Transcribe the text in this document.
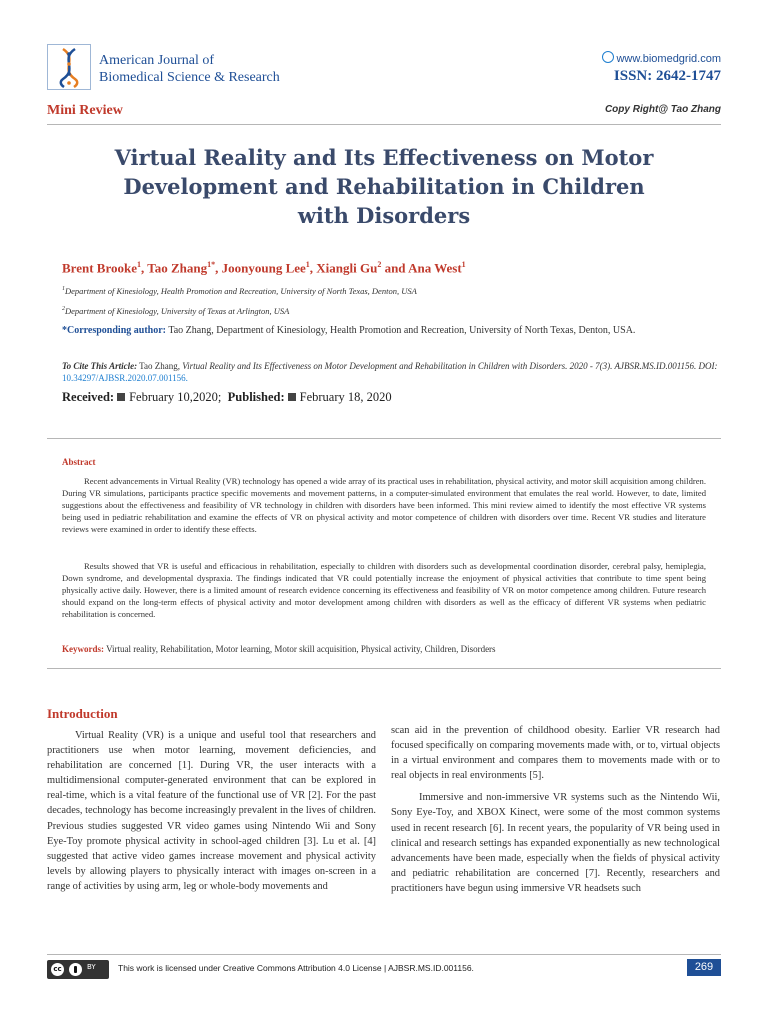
American Journal of
Biomedical Science & Research
www.biomedgrid.com
ISSN: 2642-1747
Mini Review	Copy Right@ Tao Zhang
Virtual Reality and Its Effectiveness on Motor
Development and Rehabilitation in Children
with Disorders
Brent Brooke$^1$, Tao Zhang$^{1*}$, Joonyoung Lee$^1$, Xiangli Gu$^2$ and Ana West$^1$
$^1$Department of Kinesiology, Health Promotion and Recreation, University of North Texas, Denton, USA
$^2$Department of Kinesiology, University of Texas at Arlington, USA
*Corresponding author: Tao Zhang, Department of Kinesiology, Health Promotion and Recreation, University of North Texas, Denton, USA.
To Cite This Article: Tao Zhang, Virtual Reality and Its Effectiveness on Motor Development and Rehabilitation in Children with Disorders. 2020 - 7(3). AJBSR.MS.ID.001156. DOI: 10.34297/AJBSR.2020.07.001156.
Received: February 10,2020; Published: February 18, 2020
Abstract
Recent advancements in Virtual Reality (VR) technology has opened a wide array of its practical uses in rehabilitation, physical activity, and motor skill acquisition among children. During VR simulations, participants practice specific movements and movement patterns, in a computer-simulated environment that emulates the real world. However, to date, limited suggestions about the effectiveness and feasibility of VR technology in children with disorders have been informed. This mini review aimed to identify the most effective VR systems being used in pediatric rehabilitation and examine the effects of VR on physical activity and motor competence of children with disorders over time. Recent VR studies and literature reviews were examined in order to identify these effects.
Results showed that VR is useful and efficacious in rehabilitation, especially to children with disorders such as developmental coordination disorder, cerebral palsy, hemiplegia, Down syndrome, and developmental dyspraxia. The findings indicated that VR could potentially increase the enjoyment of physical activities that contribute to time spent being physically active daily. However, there is a limited amount of research evidence concerning its effectiveness and feasibility of VR on motor competence among children. Future research should expand on the long-term effects of physical activity and motor development among children with disorders as well as the efficacy of different VR systems when pediatric rehabilitation is concerned.
Keywords: Virtual reality, Rehabilitation, Motor learning, Motor skill acquisition, Physical activity, Children, Disorders
Introduction

Virtual Reality (VR) is a unique and useful tool that researchers and practitioners use when motor learning, movement deficiencies, and rehabilitation are concerned [1]. During VR, the user interacts with a multidimensional computer-generated environment that can be explored in real-time, which is a vital feature of the functional use of VR [2]. For the past decades, technology has become increasingly prevalent in the lives of children. Previous studies suggested VR video games using Nintendo Wii and Sony Eye-Toy promote physical activity in school-aged children [3]. Lu et al. [4] suggested that active video games increase movement and physical activity levels by allowing players to physically interact with images on-screen in a range of activities by using arm, leg or whole-body movements and

scan aid in the prevention of childhood obesity. Earlier VR research had focused specifically on comparing movements made with, or to, virtual objects in a virtual environment and compares them to movements made with or to real objects in real environments [5].

Immersive and non-immersive VR systems such as the Nintendo Wii, Sony Eye-Toy, and XBOX Kinect, were some of the most common systems used in recent research [6]. In recent years, the popularity of VR being used in clinical and research settings has expanded exponentially as new technological advancements have been made, especially when the fields of physical activity and pediatric rehabilitation are concerned [7]. Recently, researchers and practitioners have begun using immersive VR headsets such

cc	BY	This work is licensed under Creative Commons Attribution 4.0 License | AJBSR.MS.ID.001156.	269
